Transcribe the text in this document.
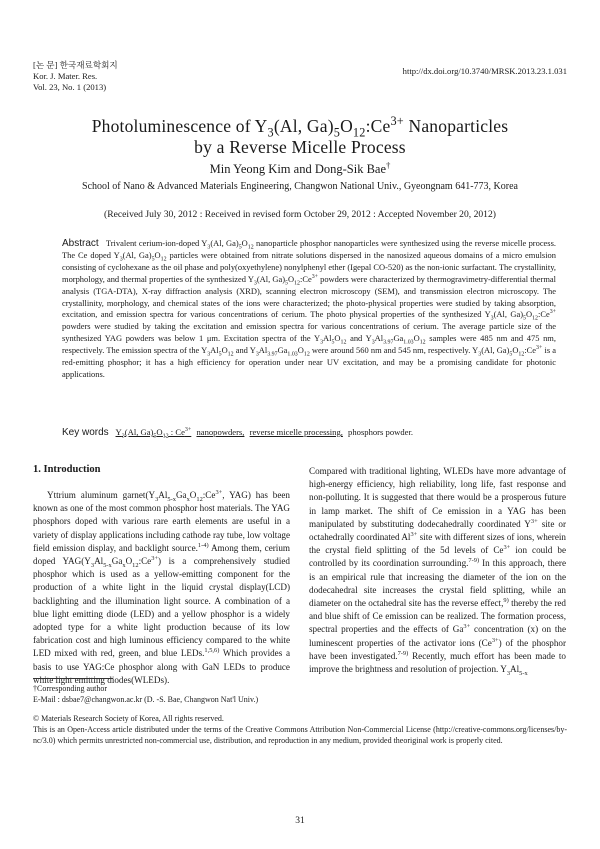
[논 문] 한국재료학회지
Kor. J. Mater. Res.
Vol. 23, No. 1 (2013)
http://dx.doi.org/10.3740/MRSK.2013.23.1.031
Photoluminescence of $Y_3(Al$, $Ga)_5O_{12}:Ce^{3+}$ Nanoparticles
by a Reverse Micelle Process
Min Yeong Kim and Dong-Sik Bae†
School of Nano & Advanced Materials Engineering, Changwon National Univ., Gyeongnam 641-773, Korea
(Received July 30, 2012 : Received in revised form October 29, 2012 : Accepted November 20, 2012)
Abstract Trivalent cerium-ion-doped $Y_3(Al$, $Ga)_5O_{12}$ nanoparticle phosphor nanoparticles were synthesized using the reverse micelle process. The Ce doped $Y_3(Al$, $Ga)_5O_{12}$ particles were obtained from nitrate solutions dispersed in the nanosized aqueous domains of a micro emulsion consisting of cyclohexane as the oil phase and poly(oxyethylene) nonylphenyl ether (Igepal CO-520) as the non-ionic surfactant. The crystallinity, morphology, and thermal properties of the synthesized $Y_3(Al$, $Ga)_5O_{12}:Ce^{3+}$ powders were characterized by thermogravimetry-differential thermal analysis (TGA-DTA), X-ray diffraction analysis (XRD), scanning electron microscopy (SEM), and transmission electron microscopy. The crystallinity, morphology, and chemical states of the ions were characterized; the photo-physical properties were studied by taking absorption, excitation, and emission spectra for various concentrations of cerium. The photo physical properties of the synthesized $Y_3(Al$, $Ga)_5O_{12}:Ce^{3+}$ powders were studied by taking the excitation and emission spectra for various concentrations of cerium. The average particle size of the synthesized YAG powders was below 1 μm. Excitation spectra of the $Y_3Al_5O_{12}$ and $Y_3Al_{3.97}Ga_{1.03}O_{12}$ samples were 485 nm and 475 nm, respectively. The emission spectra of the $Y_3Al_5O_{12}$ and $Y_3Al_{3.97}Ga_{1.03}O_{12}$ were around 560 nm and 545 nm, respectively. $Y_3(Al$, $Ga)_5O_{12}:Ce^{3+}$ is a red-emitting phosphor; it has a high efficiency for operation under near UV excitation, and may be a promising candidate for photonic applications.
Key words $Y_3(Al$, $Ga)_5O_{12}$ : $Ce^{3+}$ nanopowders, reverse micelle processing, phosphors powder.
1. Introduction
Yttrium aluminum $garnet(Y_3Al_{5-x}Ga_xO_{12}:Ce^{3+}$, YAG) has been known as one of the most common phosphor host materials. The YAG phosphors doped with various rare earth elements are useful in a variety of display applications including cathode ray tube, low voltage field emission display, and backlight source.$^{1-4)}$ Among them, cerium doped $YAG(Y_3Al_{5-x}Ga_xO_{12}:Ce^{3+})$ is a comprehensively studied phosphor which is used as a yellow-emitting component for the production of a white light in the liquid crystal display(LCD) backlighting and the illumination light source. A combination of a blue light emitting diode (LED) and a yellow phosphor is a widely adopted type for a white light production because of its low fabrication cost and high luminous efficiency compared to the white LED mixed with red, green, and blue LEDs.$^{1,5,6)}$ Which provides a basis to use YAG:Ce phosphor along with GaN LEDs to produce white light emitting diodes(WLEDs).
Compared with traditional lighting, WLEDs have more advantage of high-energy efficiency, high reliability, long life, fast response and non-polluting. It is suggested that there would be a prosperous future in lamp market. The shift of Ce emission in a YAG has been manipulated by substituting dodecahedrally coordinated $Y^{3+}$ site or octahedrally coordinated $Al^{3+}$ site with different sizes of ions, wherein the crystal field splitting of the 5d levels of $Ce^{3+}$ ion could be controlled by its coordination surrounding.$^{7-9)}$ In this approach, there is an empirical rule that increasing the diameter of the ion on the dodecahedral site increases the crystal field splitting, while an diameter on the octahedral site has the reverse effect,$^{9)}$ thereby the red and blue shift of Ce emission can be realized. The formation process, spectral properties and the effects of $Ga^{3+}$ concentration (x) on the luminescent properties of the activator ions $(Ce^{3+})$ of the phosphor have been investigated.$^{7-9)}$ Recently, much effort has been made to improve the brightness and resolution of projection. $Y_3Al_{5-x}$

†Corresponding author

E-Mail : dsbae7@changwon.ac.kr (D. -S. Bae, Changwon Nat'l Univ.)

© Materials Research Society of Korea, All rights reserved.

This is an Open-Access article distributed under the terms of the Creative Commons Attribution Non-Commercial License (http://creative-commons.org/licenses/by-nc/3.0) which permits unrestricted non-commercial use, distribution, and reproduction in any medium, provided theoriginal work is properly cited.

31
